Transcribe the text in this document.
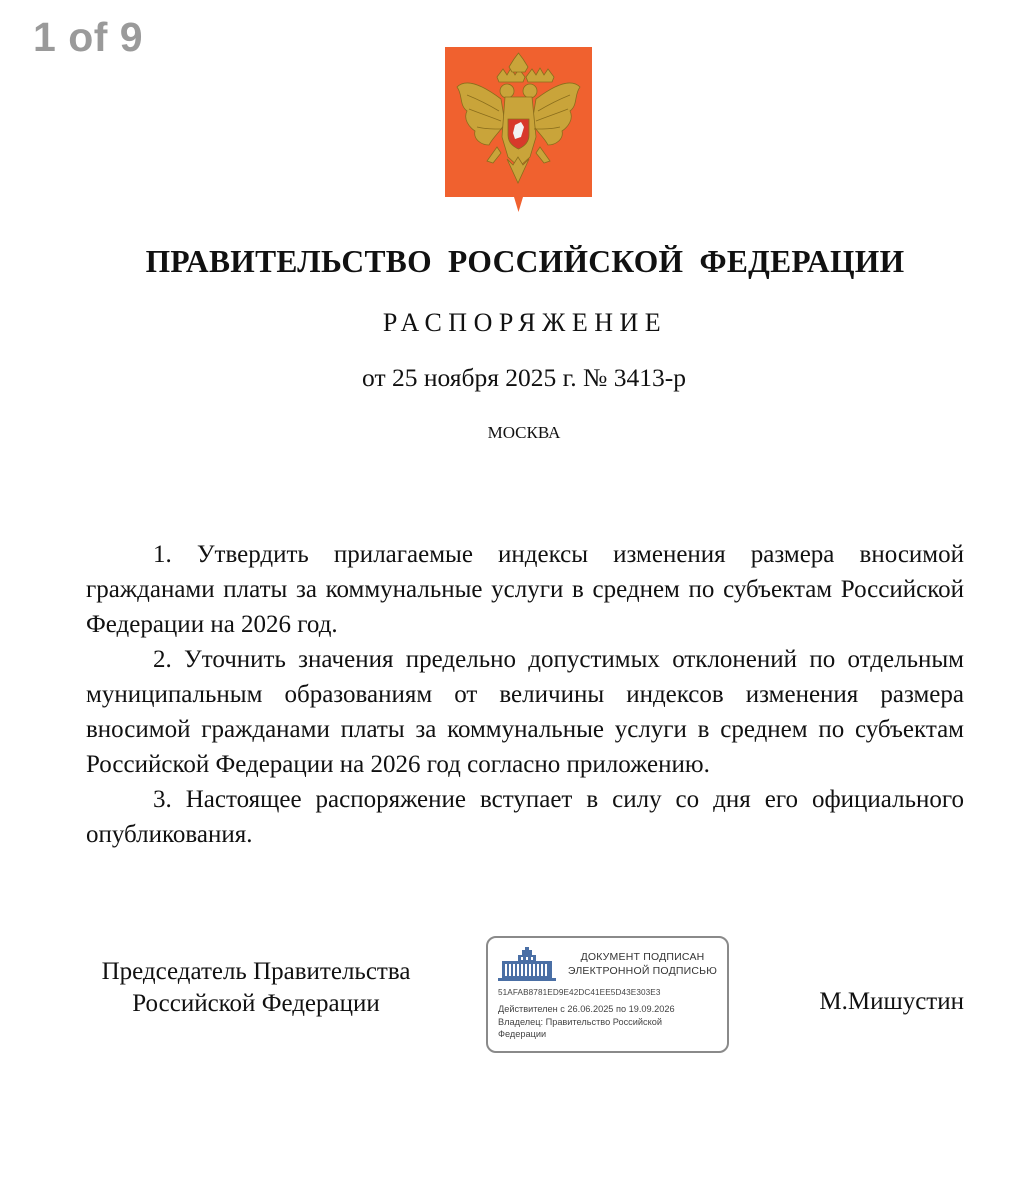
1 of 9
ПРАВИТЕЛЬСТВО РОССИЙСКОЙ ФЕДЕРАЦИИ
РАСПОРЯЖЕНИЕ
от 25 ноября 2025 г. № 3413-р
МОСКВА

1. Утвердить прилагаемые индексы изменения размера вносимой гражданами платы за коммунальные услуги в среднем по субъектам Российской Федерации на 2026 год.

2. Уточнить значения предельно допустимых отклонений по отдельным муниципальным образованиям от величины индексов изменения размера вносимой гражданами платы за коммунальные услуги в среднем по субъектам Российской Федерации на 2026 год согласно приложению.

3. Настоящее распоряжение вступает в силу со дня его официального опубликования.

Председатель Правительства
Российской Федерации
ДОКУМЕНТ ПОДПИСАН
ЭЛЕКТРОННОЙ ПОДПИСЬЮ
51AFAB8781ED9E42DC41EE5D43E303E3
Действителен с 26.06.2025 по 19.09.2026
Владелец: Правительство Российской Федерации
М.Мишустин
